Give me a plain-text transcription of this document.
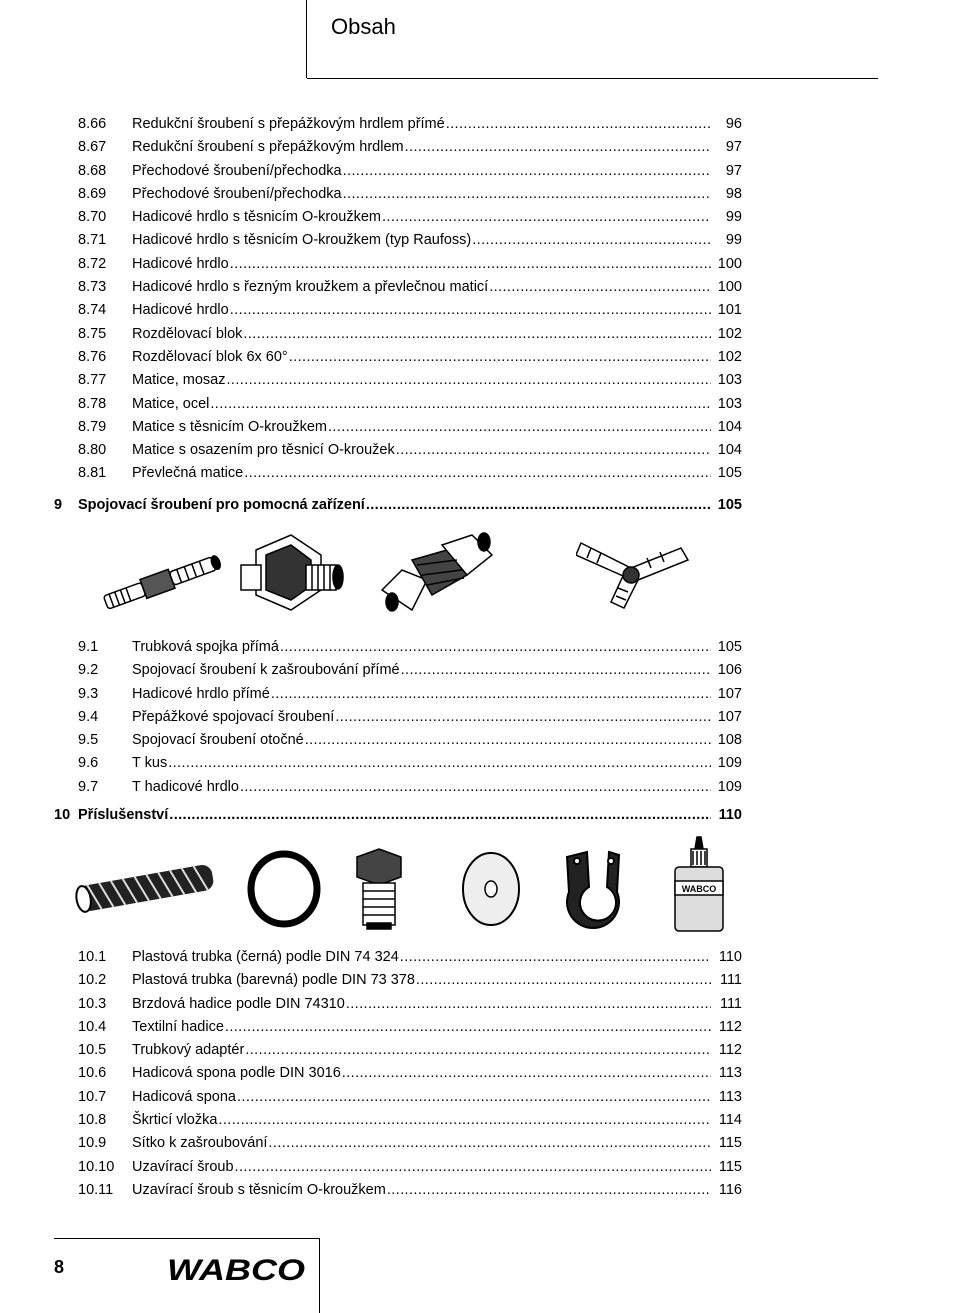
Obsah
8.66	Redukční šroubení s přepážkovým hrdlem přímé .....	96
8.67	Redukční šroubení s přepážkovým hrdlem .....	97
8.68	Přechodové šroubení/přechodka .....	97
8.69	Přechodové šroubení/přechodka .....	98
8.70	Hadicové hrdlo s těsnicím O-kroužkem .....	99
8.71	Hadicové hrdlo s těsnicím O-kroužkem (typ Raufoss) .....	99
8.72	Hadicové hrdlo .....	100
8.73	Hadicové hrdlo s řezným kroužkem a převlečnou maticí .....	100
8.74	Hadicové hrdlo .....	101
8.75	Rozdělovací blok .....	102
8.76	Rozdělovací blok 6x 60° .....	102
8.77	Matice, mosaz .....	103
8.78	Matice, ocel .....	103
8.79	Matice s těsnicím O-kroužkem .....	104
8.80	Matice s osazením pro těsnicí O-kroužek .....	104
8.81	Převlečná matice .....	105
9	Spojovací šroubení pro pomocná zařízení .....	105
9.1	Trubková spojka přímá .....	105
9.2	Spojovací šroubení k zašroubování přímé .....	106
9.3	Hadicové hrdlo přímé .....	107
9.4	Přepážkové spojovací šroubení .....	107
9.5	Spojovací šroubení otočné .....	108
9.6	T kus .....	109
9.7	T hadicové hrdlo .....	109
10 Příslušenství .....	110
WABCO
10.1	Plastová trubka (černá) podle DIN 74 324 .....	110
10.2	Plastová trubka (barevná) podle DIN 73 378 .....	111
10.3	Brzdová hadice podle DIN 74310 .....	111
10.4	Textilní hadice .....	112
10.5	Trubkový adaptér .....	112
10.6	Hadicová spona podle DIN 3016 .....	113
10.7	Hadicová spona .....	113
10.8	Škrticí vložka .....	114
10.9	Sítko k zašroubování .....	115
10.10	Uzavírací šroub .....	115
10.11	Uzavírací šroub s těsnicím O-kroužkem .....	116
8	WABCO
